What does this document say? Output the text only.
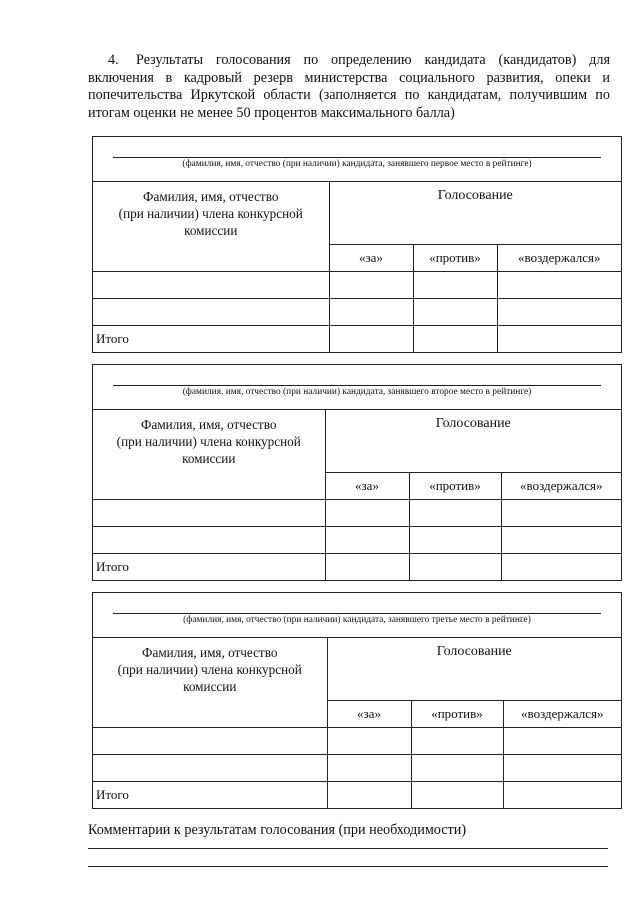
4. Результаты голосования по определению кандидата (кандидатов) для включения в кадровый резерв министерства социального развития, опеки и попечительства Иркутской области (заполняется по кандидатам, получившим по итогам оценки не менее 50 процентов максимального балла)
(фамилия, имя, отчество (при наличии) кандидата, занявшего первое место в рейтинге)
Фамилия, имя, отчество
(при наличии) члена конкурсной
комиссии	Голосование		
	«за»	«против»	«воздержался»

Итого			
(фамилия, имя, отчество (при наличии) кандидата, занявшего второе место в рейтинге)
Фамилия, имя, отчество
(при наличии) члена конкурсной
комиссии	Голосование		
	«за»	«против»	«воздержался»

Итого			
(фамилия, имя, отчество (при наличии) кандидата, занявшего третье место в рейтинге)
Фамилия, имя, отчество
(при наличии) члена конкурсной
комиссии	Голосование		
	«за»	«против»	«воздержался»

Итого			
Комментарии к результатам голосования (при необходимости)
